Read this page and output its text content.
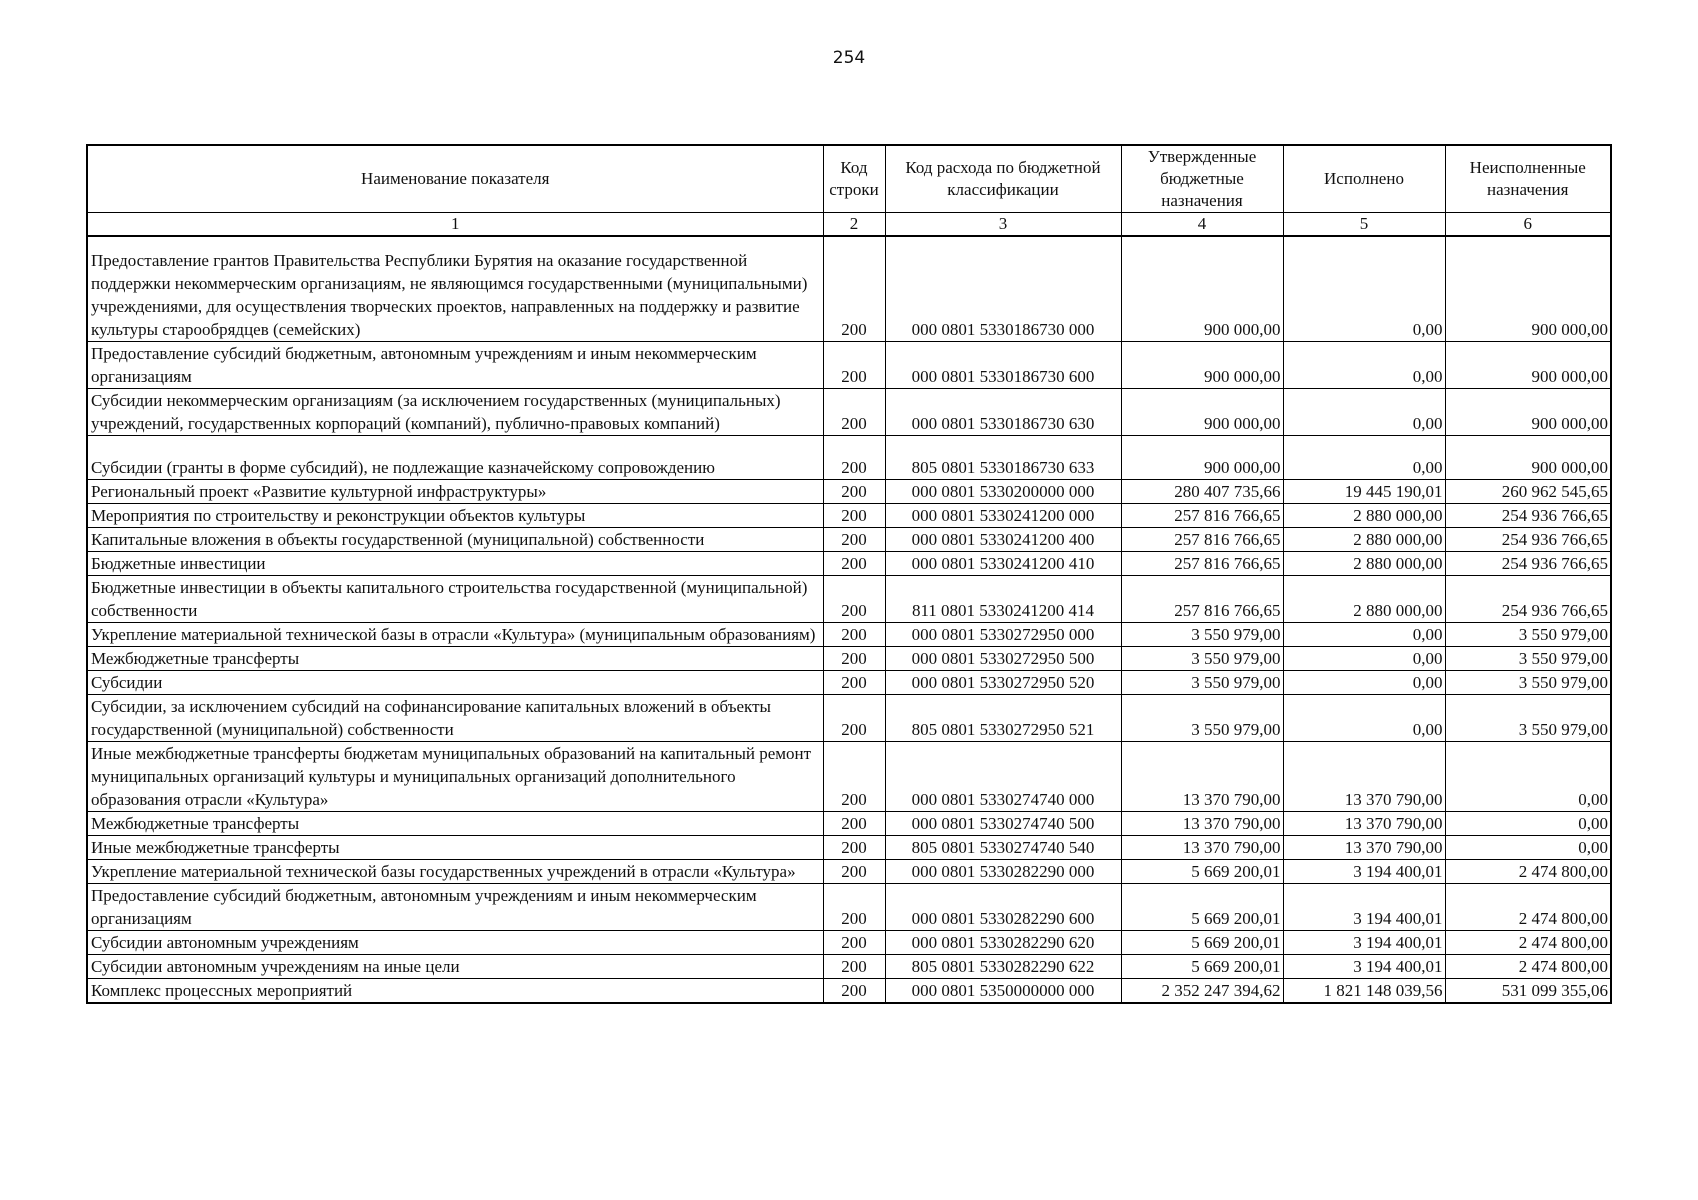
254
Наименование показателя	Код строки	Код расхода по бюджетной классификации	Утвержденные бюджетные назначения	Исполнено	Неисполненные назначения
1	2	3	4	5	6

Предоставление грантов Правительства Республики Бурятия на оказание государственной поддержки некоммерческим организациям, не являющимся государственными (муниципальными) учреждениями, для осуществления творческих проектов, направленных на поддержку и развитие культуры старообрядцев (семейских)	200	000 0801 5330186730 000	900 000,00	0,00	900 000,00
Предоставление субсидий бюджетным, автономным учреждениям и иным некоммерческим организациям	200	000 0801 5330186730 600	900 000,00	0,00	900 000,00
Субсидии некоммерческим организациям (за исключением государственных (муниципальных) учреждений, государственных корпораций (компаний), публично-правовых компаний)	200	000 0801 5330186730 630	900 000,00	0,00	900 000,00

Субсидии (гранты в форме субсидий), не подлежащие казначейскому сопровождению	200	805 0801 5330186730 633	900 000,00	0,00	900 000,00
Региональный проект «Развитие культурной инфраструктуры»	200	000 0801 5330200000 000	280 407 735,66	19 445 190,01	260 962 545,65
Мероприятия по строительству и реконструкции объектов культуры	200	000 0801 5330241200 000	257 816 766,65	2 880 000,00	254 936 766,65
Капитальные вложения в объекты государственной (муниципальной) собственности	200	000 0801 5330241200 400	257 816 766,65	2 880 000,00	254 936 766,65
Бюджетные инвестиции	200	000 0801 5330241200 410	257 816 766,65	2 880 000,00	254 936 766,65
Бюджетные инвестиции в объекты капитального строительства государственной (муниципальной) собственности	200	811 0801 5330241200 414	257 816 766,65	2 880 000,00	254 936 766,65
Укрепление материальной технической базы в отрасли «Культура» (муниципальным образованиям)	200	000 0801 5330272950 000	3 550 979,00	0,00	3 550 979,00
Межбюджетные трансферты	200	000 0801 5330272950 500	3 550 979,00	0,00	3 550 979,00
Субсидии	200	000 0801 5330272950 520	3 550 979,00	0,00	3 550 979,00
Субсидии, за исключением субсидий на софинансирование капитальных вложений в объекты государственной (муниципальной) собственности	200	805 0801 5330272950 521	3 550 979,00	0,00	3 550 979,00
Иные межбюджетные трансферты бюджетам муниципальных образований на капитальный ремонт муниципальных организаций культуры и муниципальных организаций дополнительного образования отрасли «Культура»	200	000 0801 5330274740 000	13 370 790,00	13 370 790,00	0,00
Межбюджетные трансферты	200	000 0801 5330274740 500	13 370 790,00	13 370 790,00	0,00
Иные межбюджетные трансферты	200	805 0801 5330274740 540	13 370 790,00	13 370 790,00	0,00
Укрепление материальной технической базы государственных учреждений в отрасли «Культура»	200	000 0801 5330282290 000	5 669 200,01	3 194 400,01	2 474 800,00
Предоставление субсидий бюджетным, автономным учреждениям и иным некоммерческим организациям	200	000 0801 5330282290 600	5 669 200,01	3 194 400,01	2 474 800,00
Субсидии автономным учреждениям	200	000 0801 5330282290 620	5 669 200,01	3 194 400,01	2 474 800,00
Субсидии автономным учреждениям на иные цели	200	805 0801 5330282290 622	5 669 200,01	3 194 400,01	2 474 800,00
Комплекс процессных мероприятий	200	000 0801 5350000000 000	2 352 247 394,62	1 821 148 039,56	531 099 355,06
